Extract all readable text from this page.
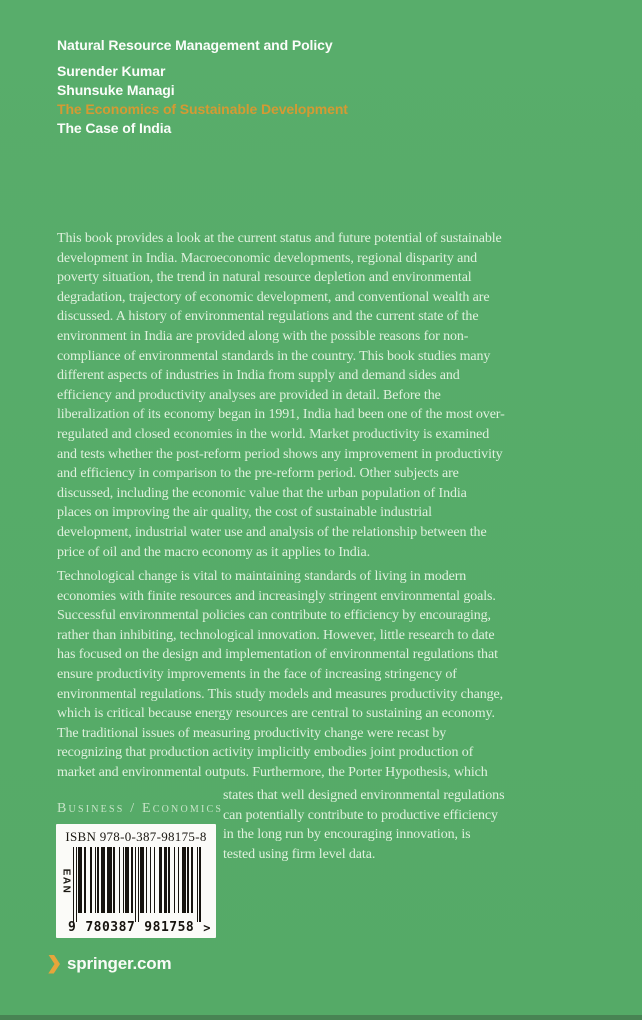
Natural Resource Management and Policy
Surender Kumar
Shunsuke Managi
The Economics of Sustainable Development
The Case of India
This book provides a look at the current status and future potential of sustainable
development in India. Macroeconomic developments, regional disparity and
poverty situation, the trend in natural resource depletion and environmental
degradation, trajectory of economic development, and conventional wealth are
discussed. A history of environmental regulations and the current state of the
environment in India are provided along with the possible reasons for non-
compliance of environmental standards in the country. This book studies many
different aspects of industries in India from supply and demand sides and
efficiency and productivity analyses are provided in detail. Before the
liberalization of its economy began in 1991, India had been one of the most over-
regulated and closed economies in the world. Market productivity is examined
and tests whether the post-reform period shows any improvement in productivity
and efficiency in comparison to the pre-reform period. Other subjects are
discussed, including the economic value that the urban population of India
places on improving the air quality, the cost of sustainable industrial
development, industrial water use and analysis of the relationship between the
price of oil and the macro economy as it applies to India.
Technological change is vital to maintaining standards of living in modern
economies with finite resources and increasingly stringent environmental goals.
Successful environmental policies can contribute to efficiency by encouraging,
rather than inhibiting, technological innovation. However, little research to date
has focused on the design and implementation of environmental regulations that
ensure productivity improvements in the face of increasing stringency of
environmental regulations. This study models and measures productivity change,
which is critical because energy resources are central to sustaining an economy.
The traditional issues of measuring productivity change were recast by
recognizing that production activity implicitly embodies joint production of
market and environmental outputs. Furthermore, the Porter Hypothesis, which
states that well designed environmental regulations
can potentially contribute to productive efficiency
in the long run by encouraging innovation, is
tested using firm level data.
Business / Economics
ISBN 978-0-387-98175-8
EAN
9 780387 981758 >
springer.com
